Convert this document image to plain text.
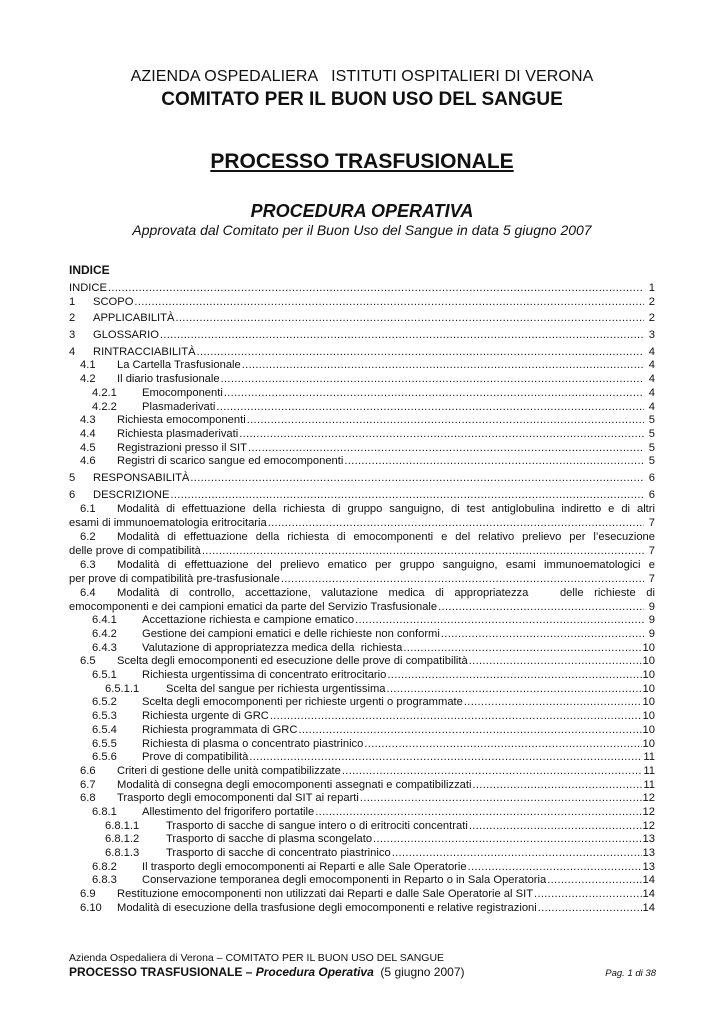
AZIENDA OSPEDALIERA   ISTITUTI OSPITALIERI DI VERONA
COMITATO PER IL BUON USO DEL SANGUE
PROCESSO TRASFUSIONALE
PROCEDURA OPERATIVA
Approvata dal Comitato per il Buon Uso del Sangue in data 5 giugno 2007
INDICE
INDICE .....	1
1	SCOPO .....	2
2	APPLICABILITÀ .....	2
3	GLOSSARIO .....	3
4	RINTRACCIABILITÀ .....	4
4.1	La Cartella Trasfusionale .....	4
4.2	Il diario trasfusionale .....	4
4.2.1	Emocomponenti .....	4
4.2.2	Plasmaderivati .....	4
4.3	Richiesta emocomponenti .....	5
4.4	Richiesta plasmaderivati .....	5
4.5	Registrazioni presso il SIT .....	5
4.6	Registri di scarico sangue ed emocomponenti .....	5
5	RESPONSABILITÀ .....	6
6	DESCRIZIONE .....	6
6.1 Modalità di effettuazione della richiesta di gruppo sanguigno, di test antiglobulina indiretto e di altri
esami di immunoematologia eritrocitaria .....	7
6.2 Modalità di effettuazione della richiesta di emocomponenti e del relativo prelievo per l’esecuzione
delle prove di compatibilità .....	7
6.3 Modalità di effettuazione del prelievo ematico per gruppo sanguigno, esami immunoematologici e
per prove di compatibilità pre-trasfusionale .....	7
6.4 Modalità di controllo, accettazione, valutazione medica di appropriatezza   delle richieste di
emocomponenti e dei campioni ematici da parte del Servizio Trasfusionale .....	9
6.4.1	Accettazione richiesta e campione ematico .....	9
6.4.2	Gestione dei campioni ematici e delle richieste non conformi .....	9
6.4.3	Valutazione di appropriatezza medica della  richiesta .....	10
6.5	Scelta degli emocomponenti ed esecuzione delle prove di compatibilità .....	10
6.5.1	Richiesta urgentissima di concentrato eritrocitario .....	10
6.5.1.1	Scelta del sangue per richiesta urgentissima .....	10
6.5.2	Scelta degli emocomponenti per richieste urgenti o programmate .....	10
6.5.3	Richiesta urgente di GRC .....	10
6.5.4	Richiesta programmata di GRC .....	10
6.5.5	Richiesta di plasma o concentrato piastrinico .....	10
6.5.6	Prove di compatibilità .....	11
6.6	Criteri di gestione delle unità compatibilizzate .....	11
6.7	Modalità di consegna degli emocomponenti assegnati e compatibilizzati .....	11
6.8	Trasporto degli emocomponenti dal SIT ai reparti .....	12
6.8.1	Allestimento del frigorifero portatile .....	12
6.8.1.1	Trasporto di sacche di sangue intero o di eritrociti concentrati .....	12
6.8.1.2	Trasporto di sacche di plasma scongelato .....	13
6.8.1.3	Trasporto di sacche di concentrato piastrinico .....	13
6.8.2	Il trasporto degli emocomponenti ai Reparti e alle Sale Operatorie .....	13
6.8.3	Conservazione temporanea degli emocomponenti in Reparto o in Sala Operatoria .....	14
6.9	Restituzione emocomponenti non utilizzati dai Reparti e dalle Sale Operatorie al SIT .....	14
6.10	Modalità di esecuzione della trasfusione degli emocomponenti e relative registrazioni .....	14
Azienda Ospedaliera di Verona – COMITATO PER IL BUON USO DEL SANGUE
PROCESSO TRASFUSIONALE – Procedura Operativa  (5 giugno 2007)	Pag. 1 di 38
